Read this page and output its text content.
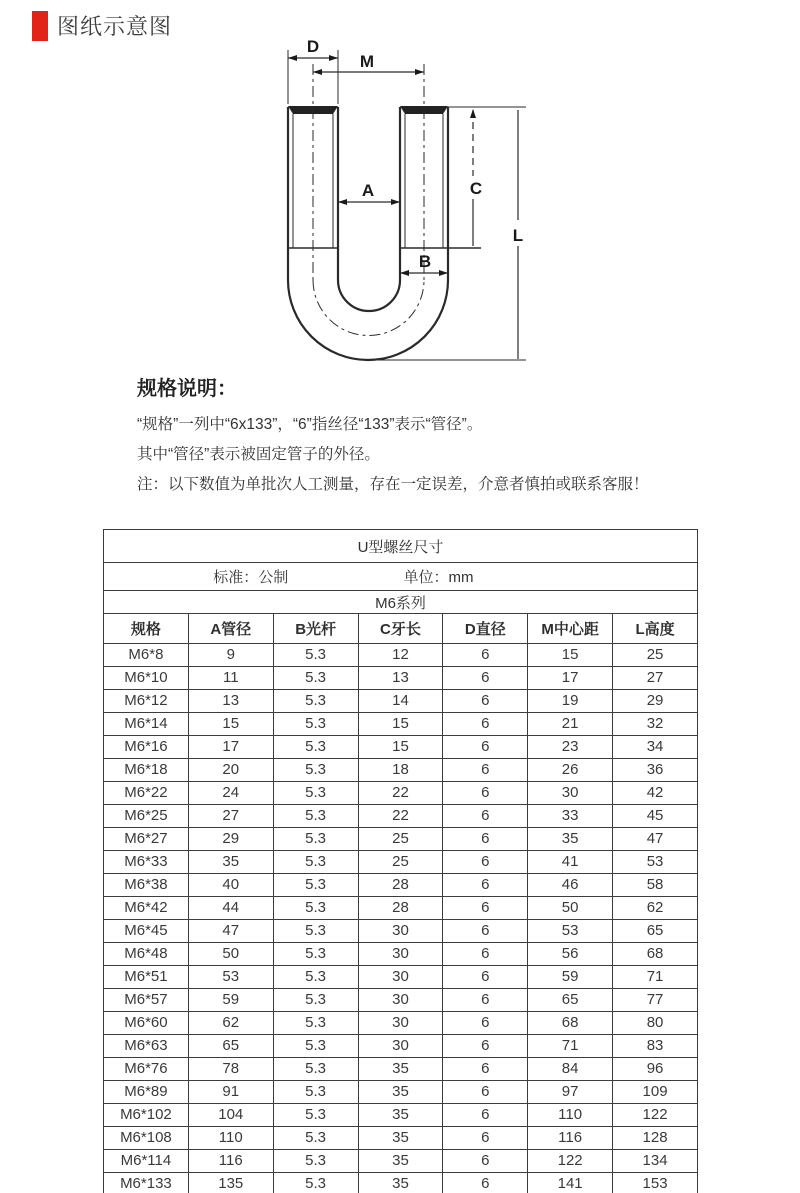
图纸示意图
D
M
A	C
B
L
规格说明：

“规格”一列中“6x133”，“6”指丝径“133”表示“管径”。

其中“管径”表示被固定管子的外径。

注：以下数值为单批次人工测量，存在一定误差，介意者慎拍或联系客服！

U型螺丝尺寸						

标准：公制 单位：mm						

M6系列						
规格	A管径	B光杆	C牙长	D直径	M中心距	L高度
M6*8	9	5.3	12	6	15	25
M6*10	11	5.3	13	6	17	27
M6*12	13	5.3	14	6	19	29
M6*14	15	5.3	15	6	21	32
M6*16	17	5.3	15	6	23	34
M6*18	20	5.3	18	6	26	36
M6*22	24	5.3	22	6	30	42
M6*25	27	5.3	22	6	33	45
M6*27	29	5.3	25	6	35	47
M6*33	35	5.3	25	6	41	53
M6*38	40	5.3	28	6	46	58
M6*42	44	5.3	28	6	50	62
M6*45	47	5.3	30	6	53	65
M6*48	50	5.3	30	6	56	68
M6*51	53	5.3	30	6	59	71
M6*57	59	5.3	30	6	65	77
M6*60	62	5.3	30	6	68	80
M6*63	65	5.3	30	6	71	83
M6*76	78	5.3	35	6	84	96
M6*89	91	5.3	35	6	97	109
M6*102	104	5.3	35	6	110	122
M6*108	110	5.3	35	6	116	128
M6*114	116	5.3	35	6	122	134
M6*133	135	5.3	35	6	141	153
